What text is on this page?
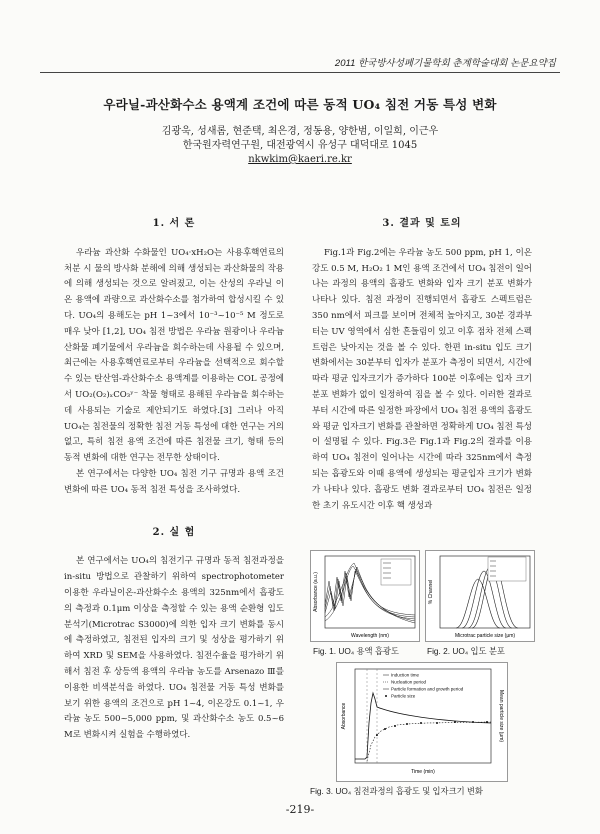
2011 한국방사성폐기물학회 춘계학술대회 논문요약집
우라닐-과산화수소 용액계 조건에 따른 동적 UO₄ 침전 거동 특성 변화
김광욱, 성새롬, 현준택, 최은경, 정동용, 양한범, 이일희, 이근우
한국원자력연구원, 대전광역시 유성구 대덕대로 1045
nkwkim@kaeri.re.kr
1. 서 론

우라늄 과산화 수화물인 UO₄·xH₂O는 사용후핵연료의 처분 시 물의 방사화 분해에 의해 생성되는 과산화물의 작용에 의해 생성되는 것으로 알려졌고, 이는 산성의 우라닐 이온 용액에 과량으로 과산화수소를 첨가하여 합성시킬 수 있다. UO₄의 용해도는 pH 1~3에서 10⁻³~10⁻⁵ M 정도로 매우 낮아 [1,2], UO₄ 침전 방법은 우라늄 원광이나 우라늄 산화물 폐기물에서 우라늄을 회수하는데 사용될 수 있으며, 최근에는 사용후핵연료로부터 우라늄을 선택적으로 회수할 수 있는 탄산염-과산화수소 용액계를 이용하는 COL 공정에서 UO₂(O₂)ₓCO₃ʸ⁻ 착물 형태로 용해된 우라늄을 회수하는데 사용되는 기술로 제안되기도 하였다.[3] 그러나 아직 UO₄는 침전물의 정확한 침전 거동 특성에 대한 연구는 거의 없고, 특히 침전 용액 조건에 따른 침전물 크기, 형태 등의 동적 변화에 대한 연구는 전무한 상태이다.

본 연구에서는 다양한 UO₄ 침전 기구 규명과 용액 조건 변화에 따른 UO₄ 동적 침전 특성을 조사하였다.

2. 실 험

본 연구에서는 UO₄의 침전기구 규명과 동적 침전과정을 in-situ 방법으로 관찰하기 위하여 spectrophotometer 이용한 우라닐이온-과산화수소 용액의 325nm에서 흡광도의 측정과 0.1μm 이상을 측정할 수 있는 용액 순환형 입도 분석기(Microtrac S3000)에 의한 입자 크기 변화를 동시에 측정하였고, 침전된 입자의 크기 및 성상을 평가하기 위하여 XRD 및 SEM을 사용하였다. 침전수율을 평가하기 위해서 침전 후 상등액 용액의 우라늄 농도를 Arsenazo Ⅲ를 이용한 비색분석을 하였다. UO₄ 침전물 거동 특성 변화를 보기 위한 용액의 조건으로 pH 1~4, 이온강도 0.1~1, 우라늄 농도 500~5,000 ppm, 및 과산화수소 농도 0.5~6 M로 변화시켜 실험을 수행하였다.

3. 결과 및 토의

Fig.1과 Fig.2에는 우라늄 농도 500 ppm, pH 1, 이온강도 0.5 M, H₂O₂ 1 M인 용액 조건에서 UO₄ 침전이 일어나는 과정의 용액의 흡광도 변화와 입자 크기 분포 변화가 나타나 있다. 침전 과정이 진행되면서 흡광도 스펙트럼은 350 nm에서 피크를 보이며 전체적 높아지고, 30분 경과부터는 UV 영역에서 심한 흔들림이 있고 이후 점차 전체 스펙트럼은 낮아지는 것을 볼 수 있다. 한편 in-situ 입도 크기 변화에서는 30분부터 입자가 분포가 측정이 되면서, 시간에 따라 평균 입자크기가 증가하다 100분 이후에는 입자 크기 분포 변화가 없이 일정하여 짐을 볼 수 있다. 이러한 결과로부터 시간에 따른 일정한 파장에서 UO₄ 침전 용액의 흡광도와 평균 입자크기 변화를 관찰하면 정확하게 UO₄ 침전 특성이 설명될 수 있다. Fig.3은 Fig.1과 Fig.2의 결과를 이용하여 UO₄ 침전이 일어나는 시간에 따라 325nm에서 측정되는 흡광도와 이때 용액에 생성되는 평균입자 크기가 변화가 나타나 있다. 흡광도 변화 결과로부터 UO₄ 침전은 일정한 초기 유도시간 이후 핵 생성과

Wavelength (nm)
Absorbance (a.u.)
Fig. 1. UO₄ 용액 흡광도
Microtrac particle size (μm)
% Channel
Fig. 2. UO₄ 입도 분포
Induction time
Nucleation period
Particle formation and growth period
Particle size
Time (min)
Absorbance	Mean particle size (μm)
Fig. 3. UO₄ 침전과정의 흡광도 및 입자크기 변화
-219-
